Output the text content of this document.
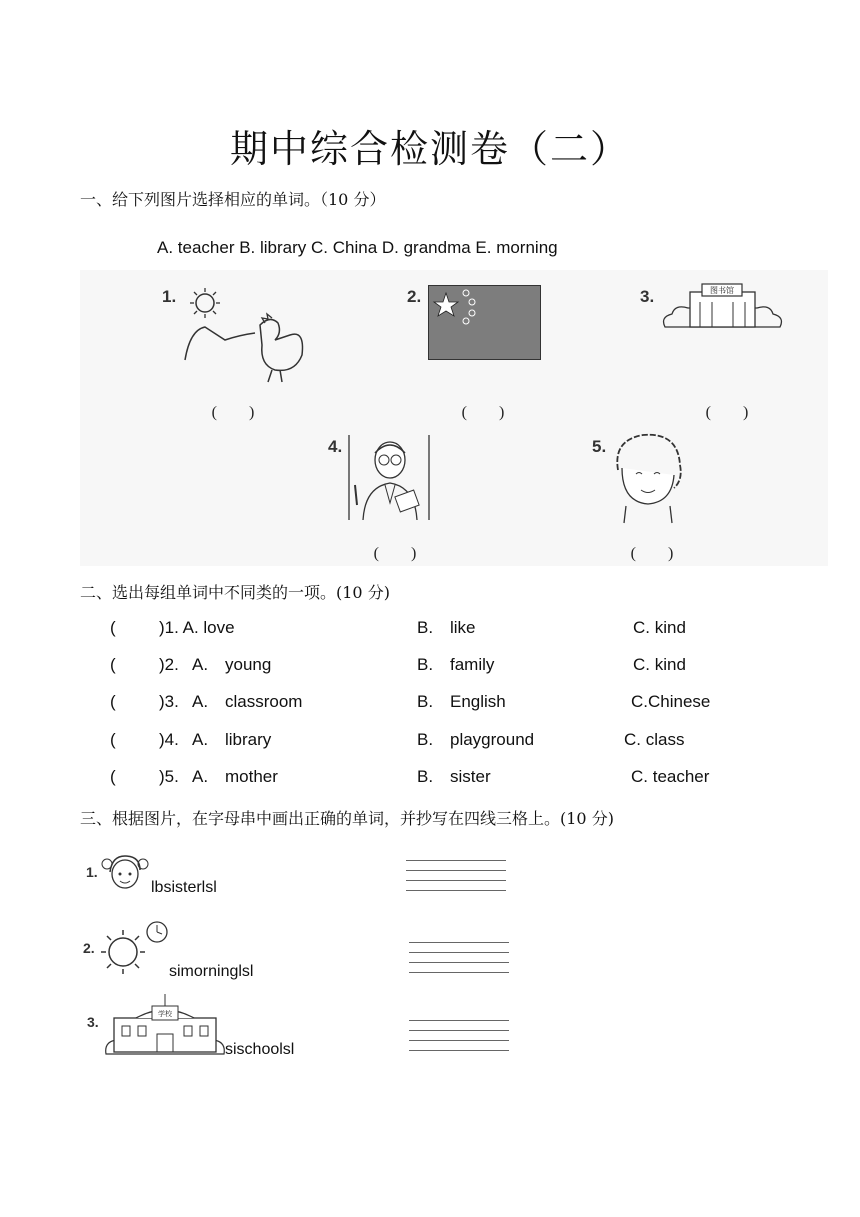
期中综合检测卷（二）
一、给下列图片选择相应的单词。（10 分）
A. teacher B. library C. China D. grandma E. morning
1.
(　　)
2.
(　　)
3.	图书馆
(　　)
4.
(　　)
5.
(　　)
二、选出每组单词中不同类的一项。(10 分)
(	)1. A. love	B. like	C. kind
(	)2. A. young	B. family	C. kind
(	)3. A. classroom	B. English	C.Chinese
(	)4. A. library	B. playground	C. class
(	)5. A. mother	B. sister	C. teacher
三、根据图片，在字母串中画出正确的单词，并抄写在四线三格上。(10 分)
1.
lbsisterlsl
2.
simorninglsl
3.	学校
sischoolsl
